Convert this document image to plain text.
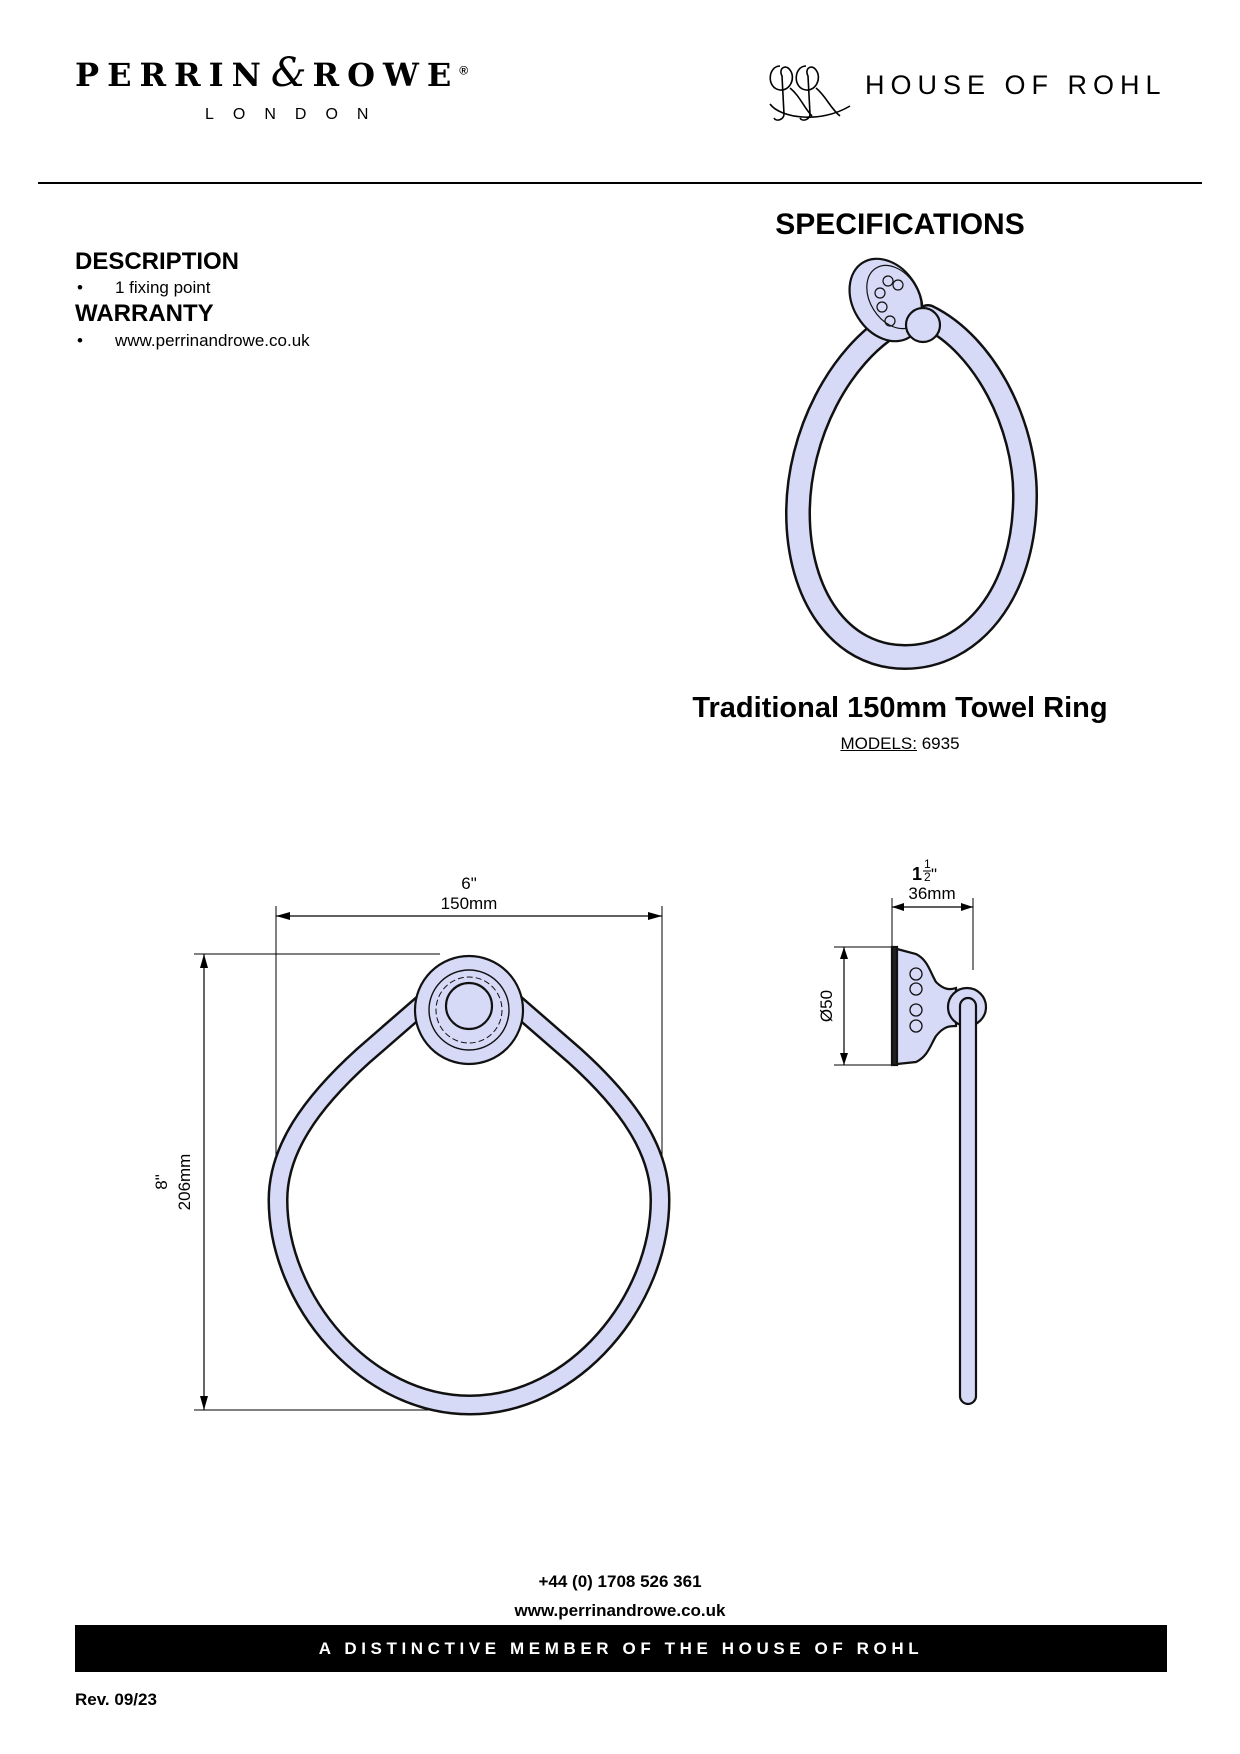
PERRIN& ROWE®
LONDON
HOUSE OF ROHL
DESCRIPTION
•	1 fixing point
WARRANTY
•	www.perrinandrowe.co.uk
SPECIFICATIONS
Traditional 150mm Towel Ring
MODELS: 6935
6"
150mm
8" 206mm
1 1
2 "
36mm
Ø50
+44 (0) 1708 526 361
www.perrinandrowe.co.uk
A DISTINCTIVE MEMBER OF THE HOUSE OF ROHL
Rev. 09/23
